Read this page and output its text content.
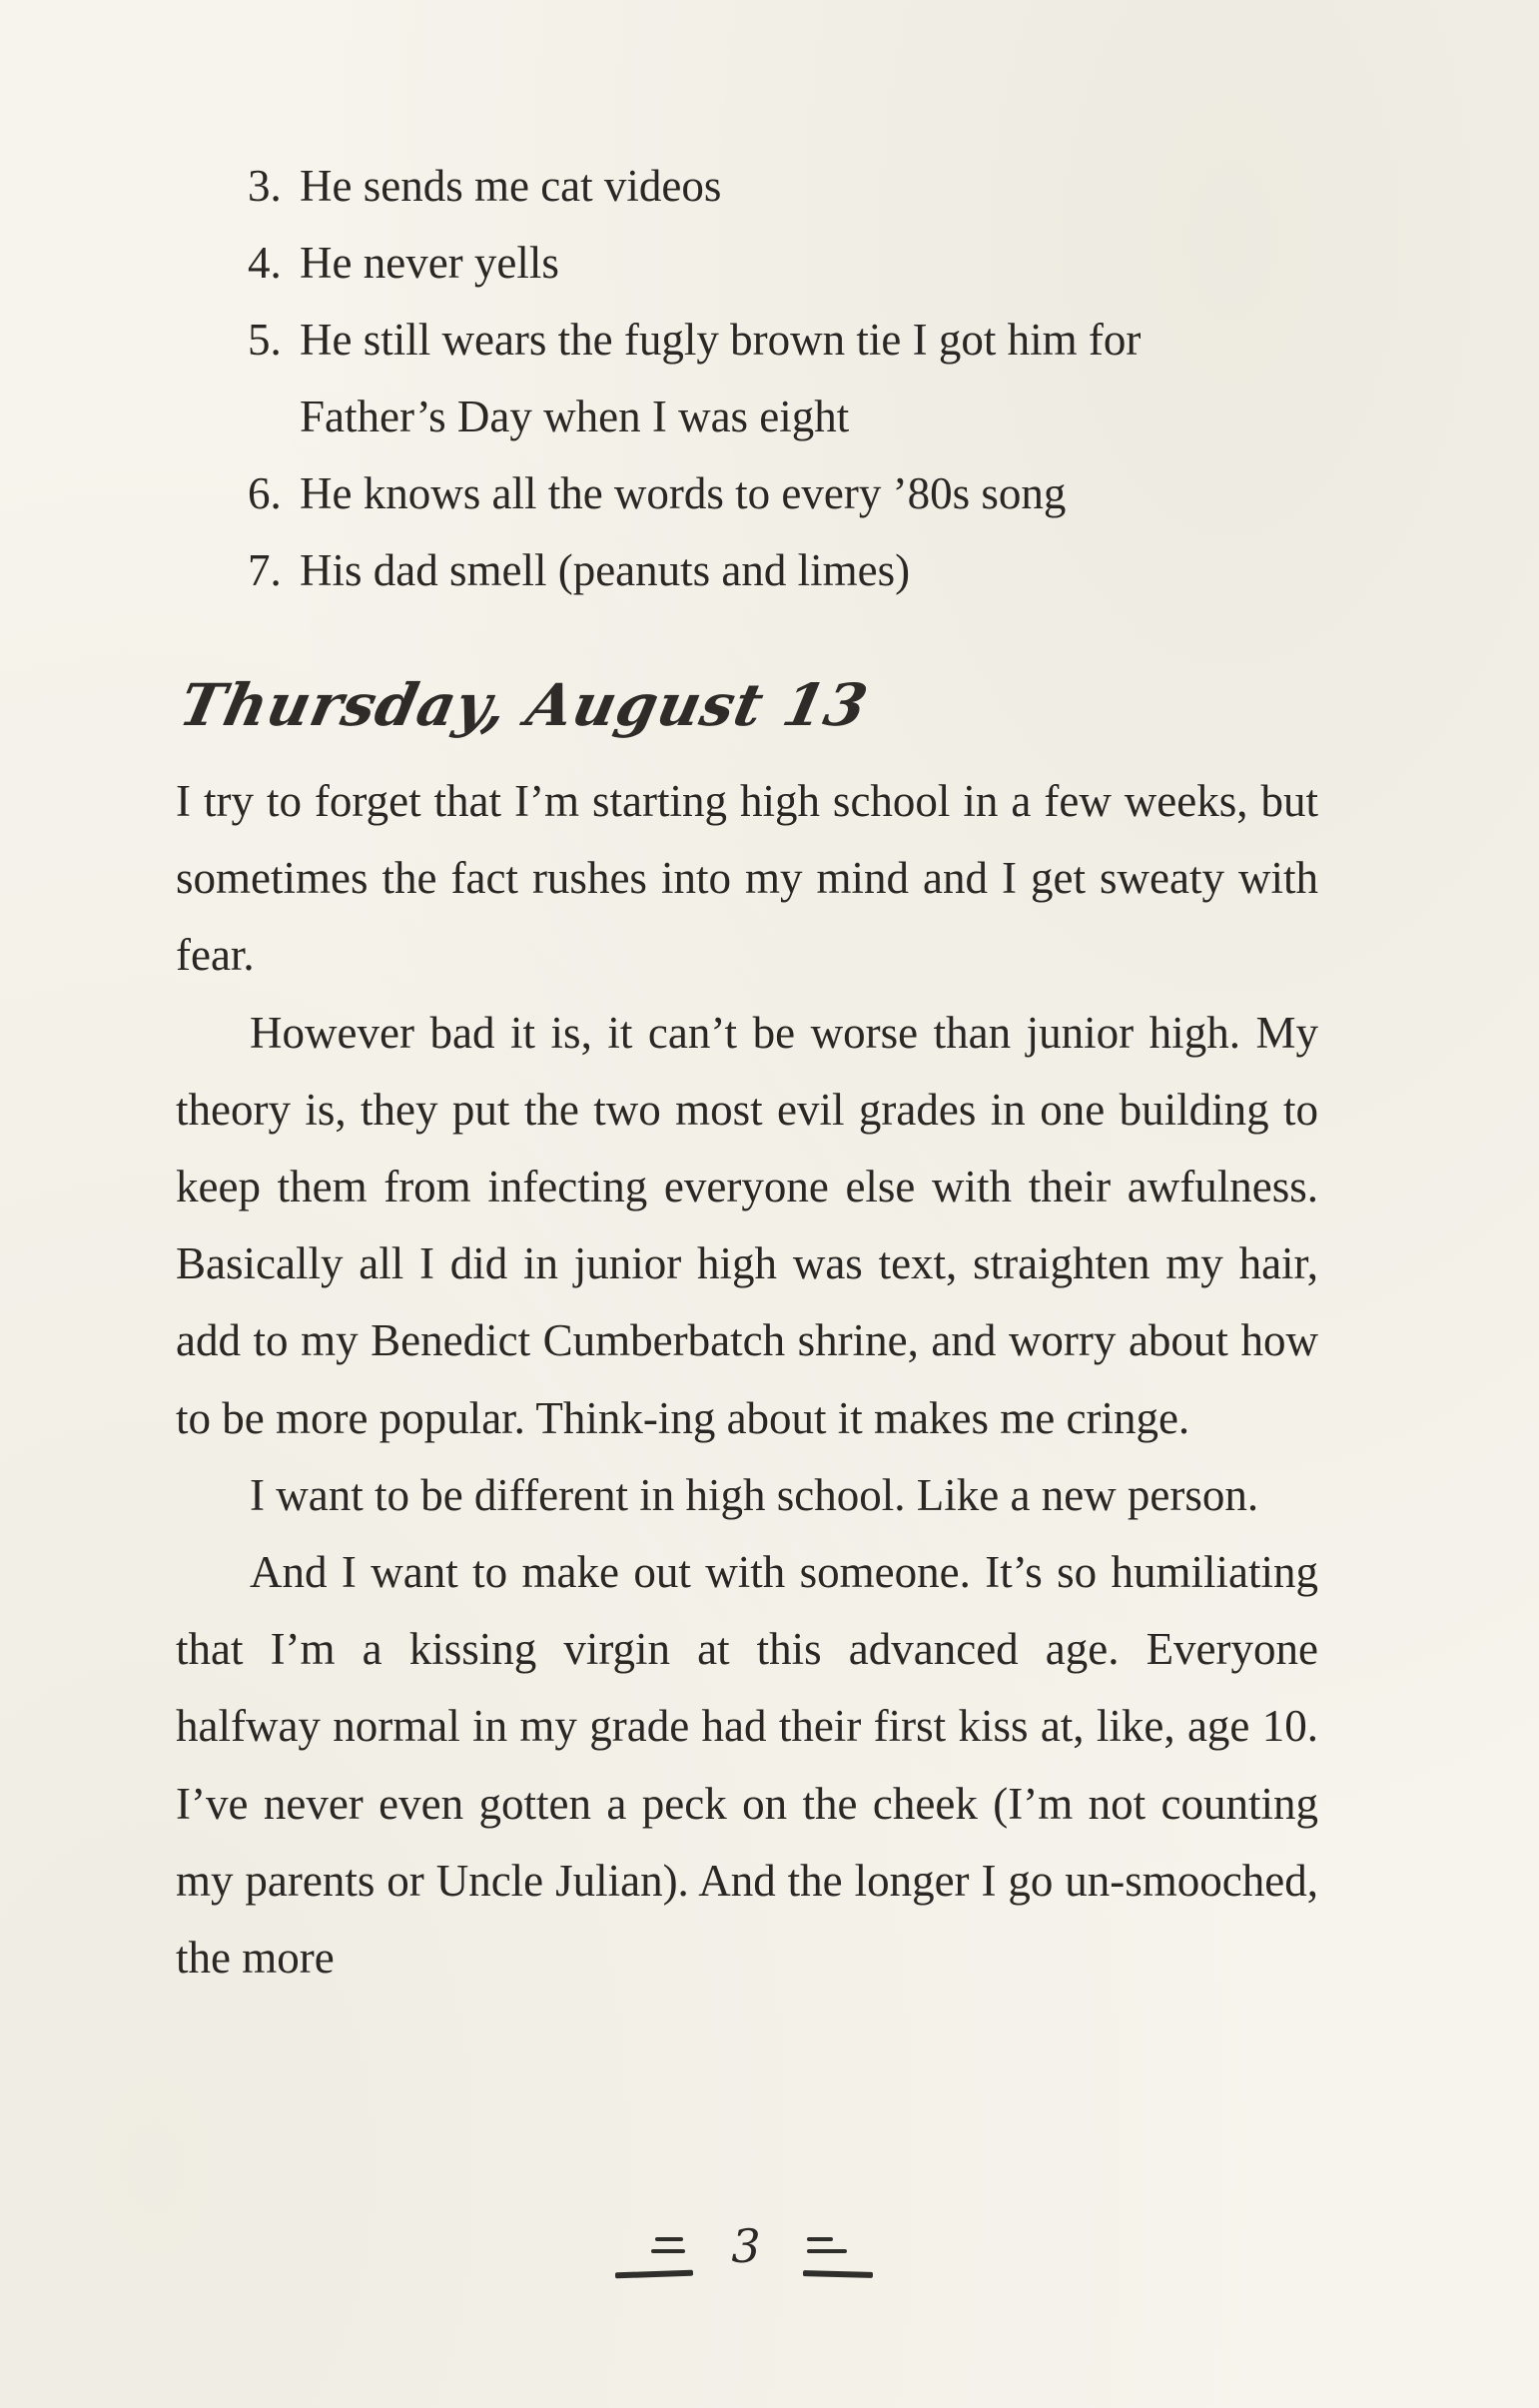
3. He sends me cat videos
4. He never yells
5. He still wears the fugly brown tie I got him for Father’s Day when I was eight
6. He knows all the words to every ’80s song
7. His dad smell (peanuts and limes)
Thursday, August 13

I try to forget that I’m starting high school in a few weeks, but sometimes the fact rushes into my mind and I get sweaty with fear.

However bad it is, it can’t be worse than junior high. My theory is, they put the two most evil grades in one building to keep them from infecting everyone else with their awfulness. Basically all I did in junior high was text, straighten my hair, add to my Benedict Cumberbatch shrine, and worry about how to be more popular. Think-ing about it makes me cringe.

I want to be different in high school. Like a new person.

And I want to make out with someone. It’s so humiliating that I’m a kissing virgin at this advanced age. Everyone halfway normal in my grade had their first kiss at, like, age 10. I’ve never even gotten a peck on the cheek (I’m not counting my parents or Uncle Julian). And the longer I go un-smooched, the more

3
